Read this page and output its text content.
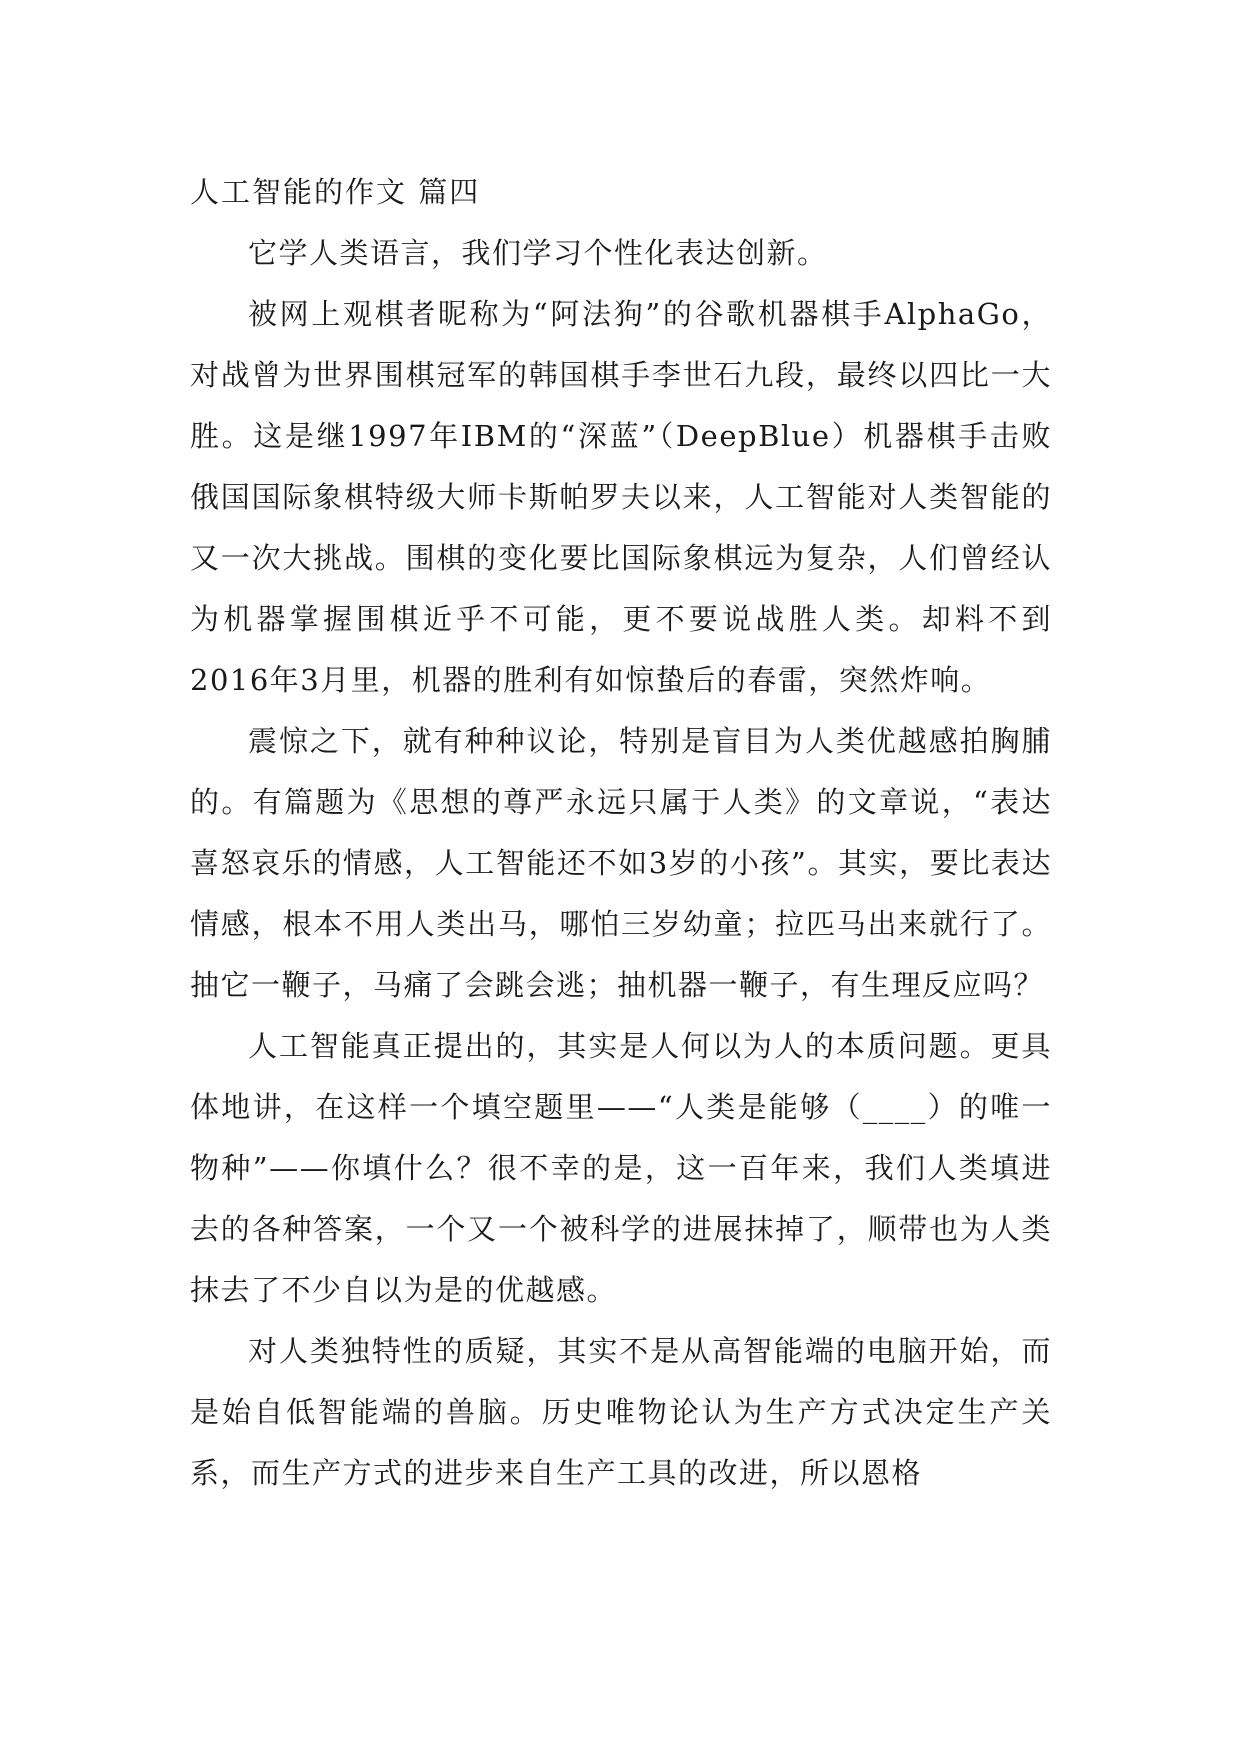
人工智能的作文 篇四

它学人类语言，我们学习个性化表达创新。

被网上观棋者昵称为“阿法狗”的谷歌机器棋手AlphaGo，对战曾为世界围棋冠军的韩国棋手李世石九段，最终以四比一大胜。这是继1997年IBM的“深蓝”（DeepBlue）机器棋手击败俄国国际象棋特级大师卡斯帕罗夫以来，人工智能对人类智能的又一次大挑战。围棋的变化要比国际象棋远为复杂，人们曾经认为机器掌握围棋近乎不可能，更不要说战胜人类。却料不到2016年3月里，机器的胜利有如惊蛰后的春雷，突然炸响。

震惊之下，就有种种议论，特别是盲目为人类优越感拍胸脯的。有篇题为《思想的尊严永远只属于人类》的文章说，“表达喜怒哀乐的情感，人工智能还不如3岁的小孩”。其实，要比表达情感，根本不用人类出马，哪怕三岁幼童；拉匹马出来就行了。抽它一鞭子，马痛了会跳会逃；抽机器一鞭子，有生理反应吗？

人工智能真正提出的，其实是人何以为人的本质问题。更具体地讲，在这样一个填空题里——“人类是能够（____）的唯一物种”——你填什么？很不幸的是，这一百年来，我们人类填进去的各种答案，一个又一个被科学的进展抹掉了，顺带也为人类抹去了不少自以为是的优越感。

对人类独特性的质疑，其实不是从高智能端的电脑开始，而是始自低智能端的兽脑。历史唯物论认为生产方式决定生产关系，而生产方式的进步来自生产工具的改进，所以恩格
